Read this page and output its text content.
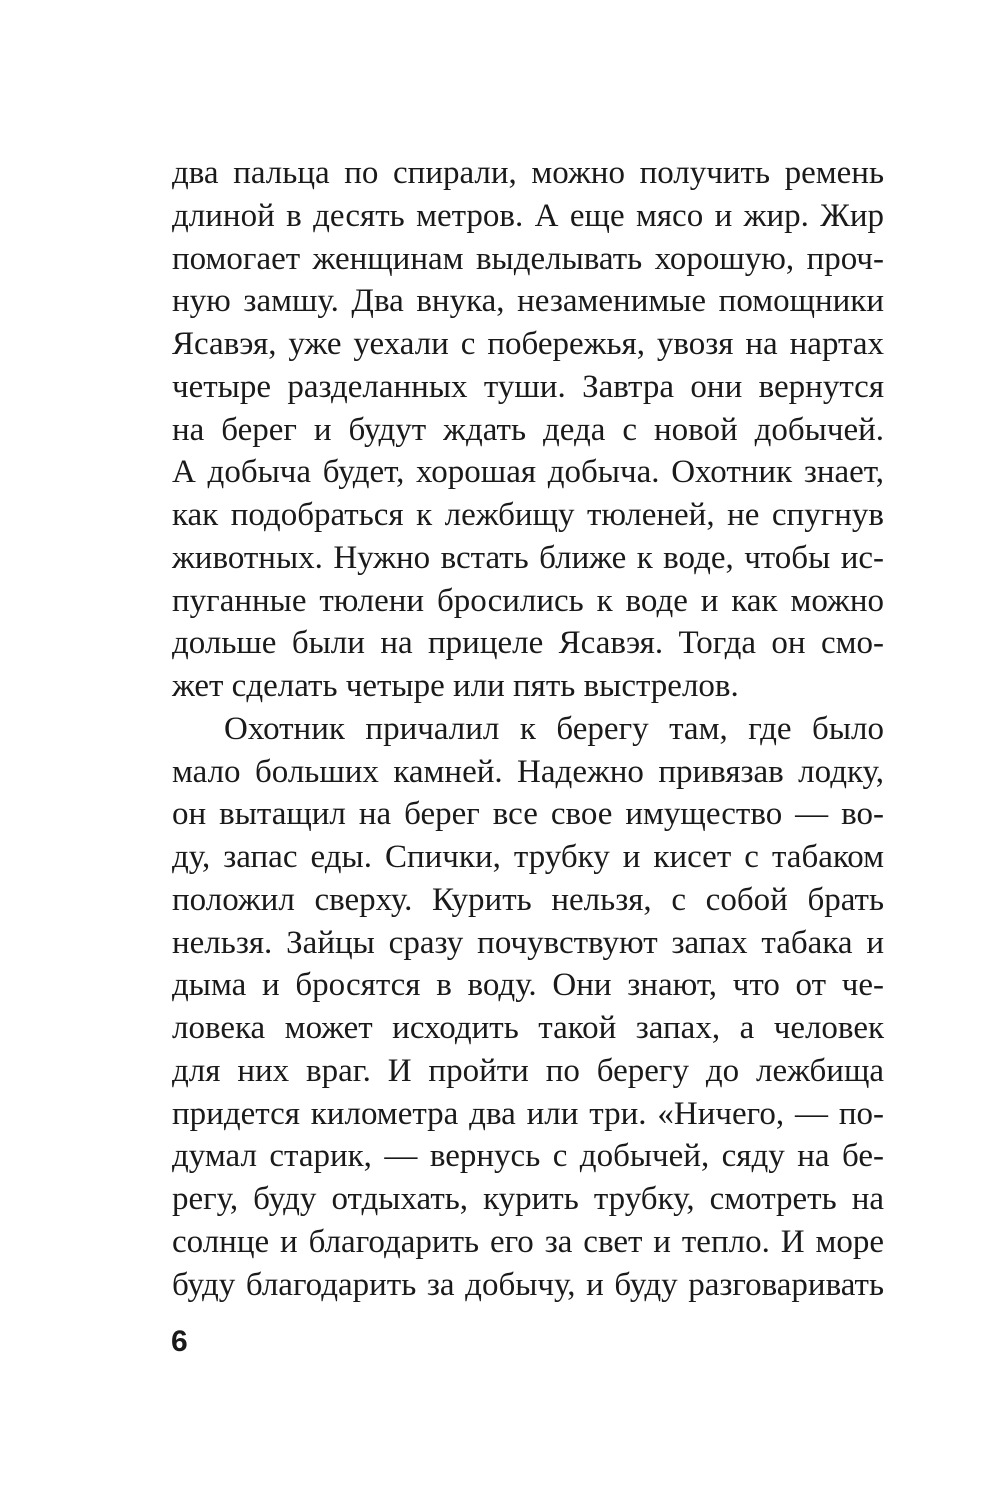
два пальца по спирали, можно получить ремень
длиной в десять метров. А еще мясо и жир. Жир
помогает женщинам выделывать хорошую, проч-
ную замшу. Два внука, незаменимые помощники
Ясавэя, уже уехали с побережья, увозя на нартах
четыре разделанных туши. Завтра они вернутся
на берег и будут ждать деда с новой добычей.
А добыча будет, хорошая добыча. Охотник знает,
как подобраться к лежбищу тюленей, не спугнув
животных. Нужно встать ближе к воде, чтобы ис-
пуганные тюлени бросились к воде и как можно
дольше были на прицеле Ясавэя. Тогда он смо-
жет сделать четыре или пять выстрелов.
Охотник причалил к берегу там, где было
мало больших камней. Надежно привязав лодку,
он вытащил на берег все свое имущество — во-
ду, запас еды. Спички, трубку и кисет с табаком
положил сверху. Курить нельзя, с собой брать
нельзя. Зайцы сразу почувствуют запах табака и
дыма и бросятся в воду. Они знают, что от че-
ловека может исходить такой запах, а человек
для них враг. И пройти по берегу до лежбища
придется километра два или три. «Ничего, — по-
думал старик, — вернусь с добычей, сяду на бе-
регу, буду отдыхать, курить трубку, смотреть на
солнце и благодарить его за свет и тепло. И море
буду благодарить за добычу, и буду разговаривать
6
